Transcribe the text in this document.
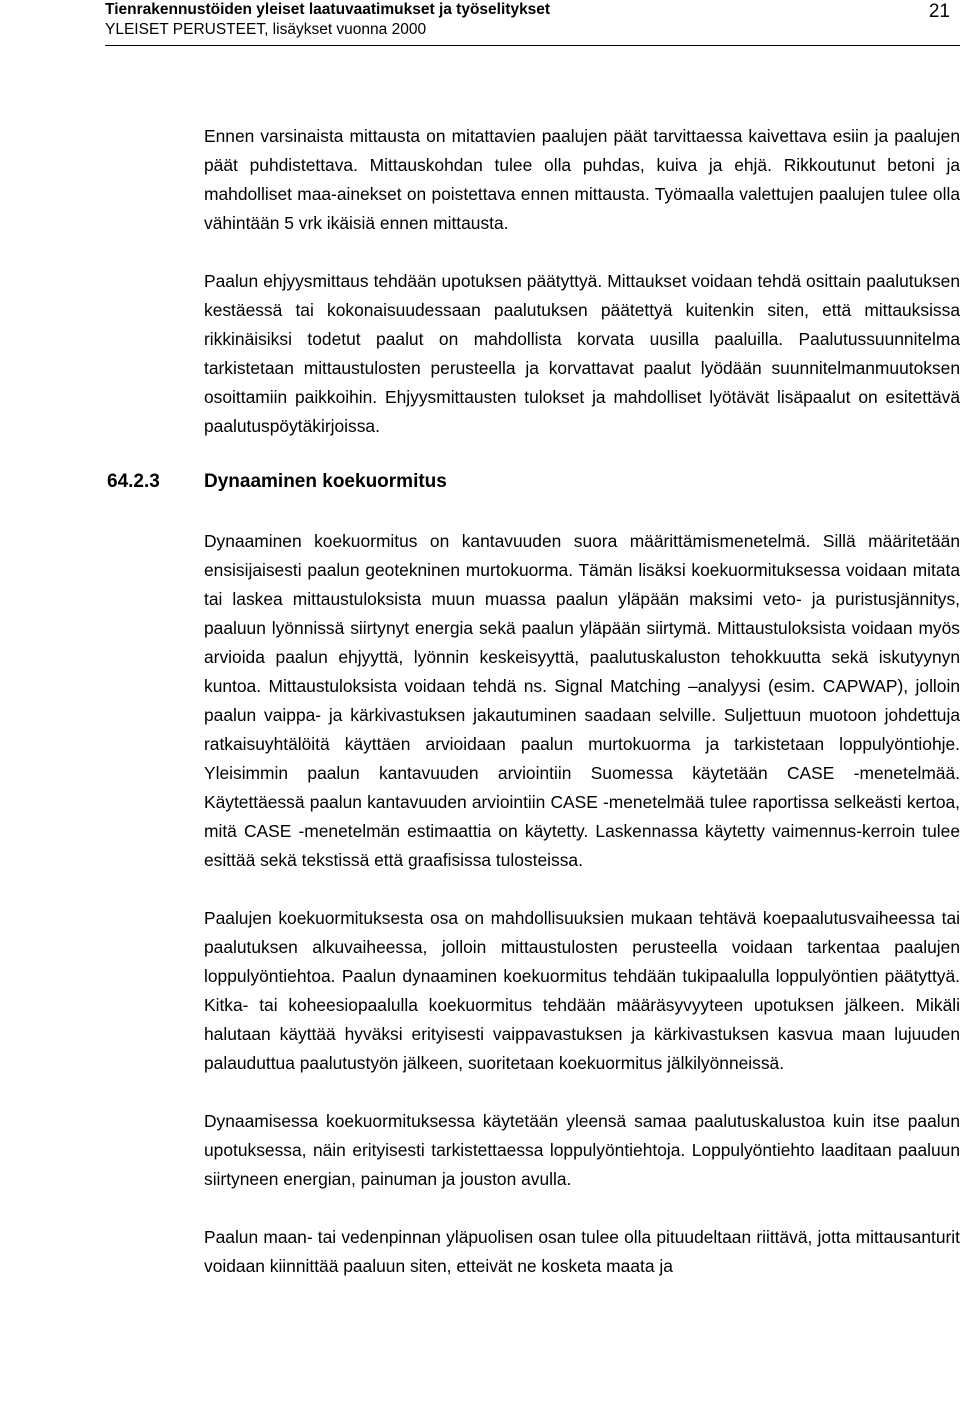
Tienrakennustöiden yleiset laatuvaatimukset ja työselitykset
YLEISET PERUSTEET, lisäykset vuonna 2000
21

Ennen varsinaista mittausta on mitattavien paalujen päät tarvittaessa kaivettava esiin ja paalujen päät puhdistettava. Mittauskohdan tulee olla puhdas, kuiva ja ehjä. Rikkoutunut betoni ja mahdolliset maa-ainekset on poistettava ennen mittausta. Työmaalla valettujen paalujen tulee olla vähintään 5 vrk ikäisiä ennen mittausta.

Paalun ehjyysmittaus tehdään upotuksen päätyttyä. Mittaukset voidaan tehdä osittain paalutuksen kestäessä tai kokonaisuudessaan paalutuksen päätettyä kuitenkin siten, että mittauksissa rikkinäisiksi todetut paalut on mahdollista korvata uusilla paaluilla. Paalutussuunnitelma tarkistetaan mittaustulosten perusteella ja korvattavat paalut lyödään suunnitelmanmuutoksen osoittamiin paikkoihin. Ehjyysmittausten tulokset ja mahdolliset lyötävät lisäpaalut on esitettävä paalutuspöytäkirjoissa.

64.2.3 Dynaaminen koekuormitus

Dynaaminen koekuormitus on kantavuuden suora määrittämismenetelmä. Sillä määritetään ensisijaisesti paalun geotekninen murtokuorma. Tämän lisäksi koekuormituksessa voidaan mitata tai laskea mittaustuloksista muun muassa paalun yläpään maksimi veto- ja puristusjännitys, paaluun lyönnissä siirtynyt energia sekä paalun yläpään siirtymä. Mittaustuloksista voidaan myös arvioida paalun ehjyyttä, lyönnin keskeisyyttä, paalutuskaluston tehokkuutta sekä iskutyynyn kuntoa. Mittaustuloksista voidaan tehdä ns. Signal Matching –analyysi (esim. CAPWAP), jolloin paalun vaippa- ja kärkivastuksen jakautuminen saadaan selville. Suljettuun muotoon johdettuja ratkaisuyhtälöitä käyttäen arvioidaan paalun murtokuorma ja tarkistetaan loppulyöntiohje. Yleisimmin paalun kantavuuden arviointiin Suomessa käytetään CASE -menetelmää. Käytettäessä paalun kantavuuden arviointiin CASE -menetelmää tulee raportissa selkeästi kertoa, mitä CASE -menetelmän estimaattia on käytetty. Laskennassa käytetty vaimennus-kerroin tulee esittää sekä tekstissä että graafisissa tulosteissa.

Paalujen koekuormituksesta osa on mahdollisuuksien mukaan tehtävä koepaalutusvaiheessa tai paalutuksen alkuvaiheessa, jolloin mittaustulosten perusteella voidaan tarkentaa paalujen loppulyöntiehtoa. Paalun dynaaminen koekuormitus tehdään tukipaalulla loppulyöntien päätyttyä. Kitka- tai koheesiopaalulla koekuormitus tehdään määräsyvyyteen upotuksen jälkeen. Mikäli halutaan käyttää hyväksi erityisesti vaippavastuksen ja kärkivastuksen kasvua maan lujuuden palauduttua paalutustyön jälkeen, suoritetaan koekuormitus jälkilyönneissä.

Dynaamisessa koekuormituksessa käytetään yleensä samaa paalutuskalustoa kuin itse paalun upotuksessa, näin erityisesti tarkistettaessa loppulyöntiehtoja. Loppulyöntiehto laaditaan paaluun siirtyneen energian, painuman ja jouston avulla.

Paalun maan- tai vedenpinnan yläpuolisen osan tulee olla pituudeltaan riittävä, jotta mittausanturit voidaan kiinnittää paaluun siten, etteivät ne kosketa maata ja
